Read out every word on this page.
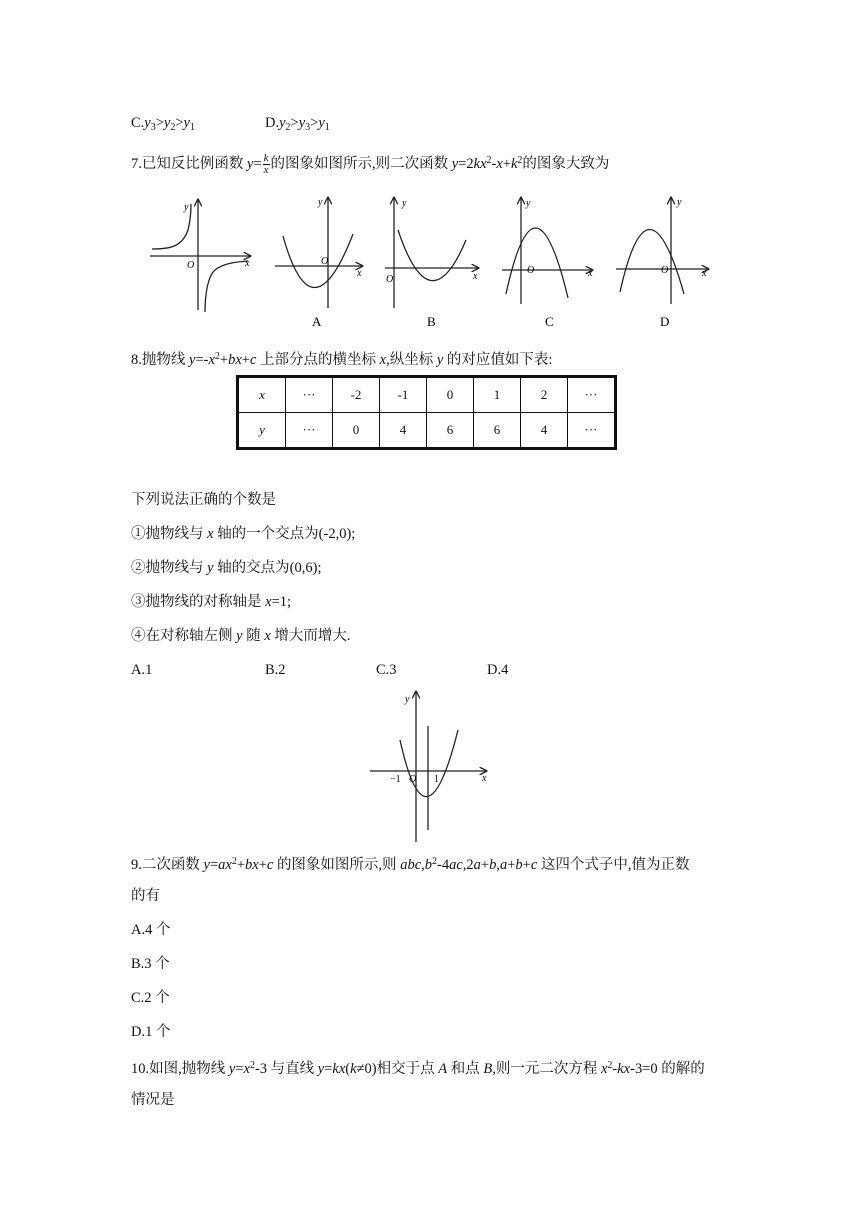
$C.y_3>y_2>y_1$	$D.y_2>y_3>y_1$
7.已知反比例函数 $y= \frac{k}{x}$ 的图象如图所示,则二次函数 $y=2kx^2-x+k^2$的图象大致为
y
O	x
y
O
x
A
y
O	x
B
y
O	x
C
y
O	x
D
8.抛物线 $y=-x^2+bx+c$ 上部分点的横坐标 x,纵坐标 y 的对应值如下表:
x	···	-2	-1	0	1	2	···
y	···	0	4	6	6	4	···
下列说法正确的个数是
①抛物线与 x 轴的一个交点为(-2,0);
②抛物线与 y 轴的交点为(0,6);
③抛物线的对称轴是 x=1;
④在对称轴左侧 y 随 x 增大而增大.
A.1	B.2	C.3	D.4
y
−1 O 1	x
9.二次函数 $y=ax^2+bx+c$ 的图象如图所示,则 $abc,b^2-4ac,2a+b,a+b+c$ 这四个式子中,值为正数
的有
A.4 个
B.3 个
C.2 个
D.1 个
10.如图,抛物线 $y=x^2-3$ 与直线 y=kx(k≠0)相交于点 A 和点 B,则一元二次方程 $x^2-kx-3=0$ 的解的
情况是
